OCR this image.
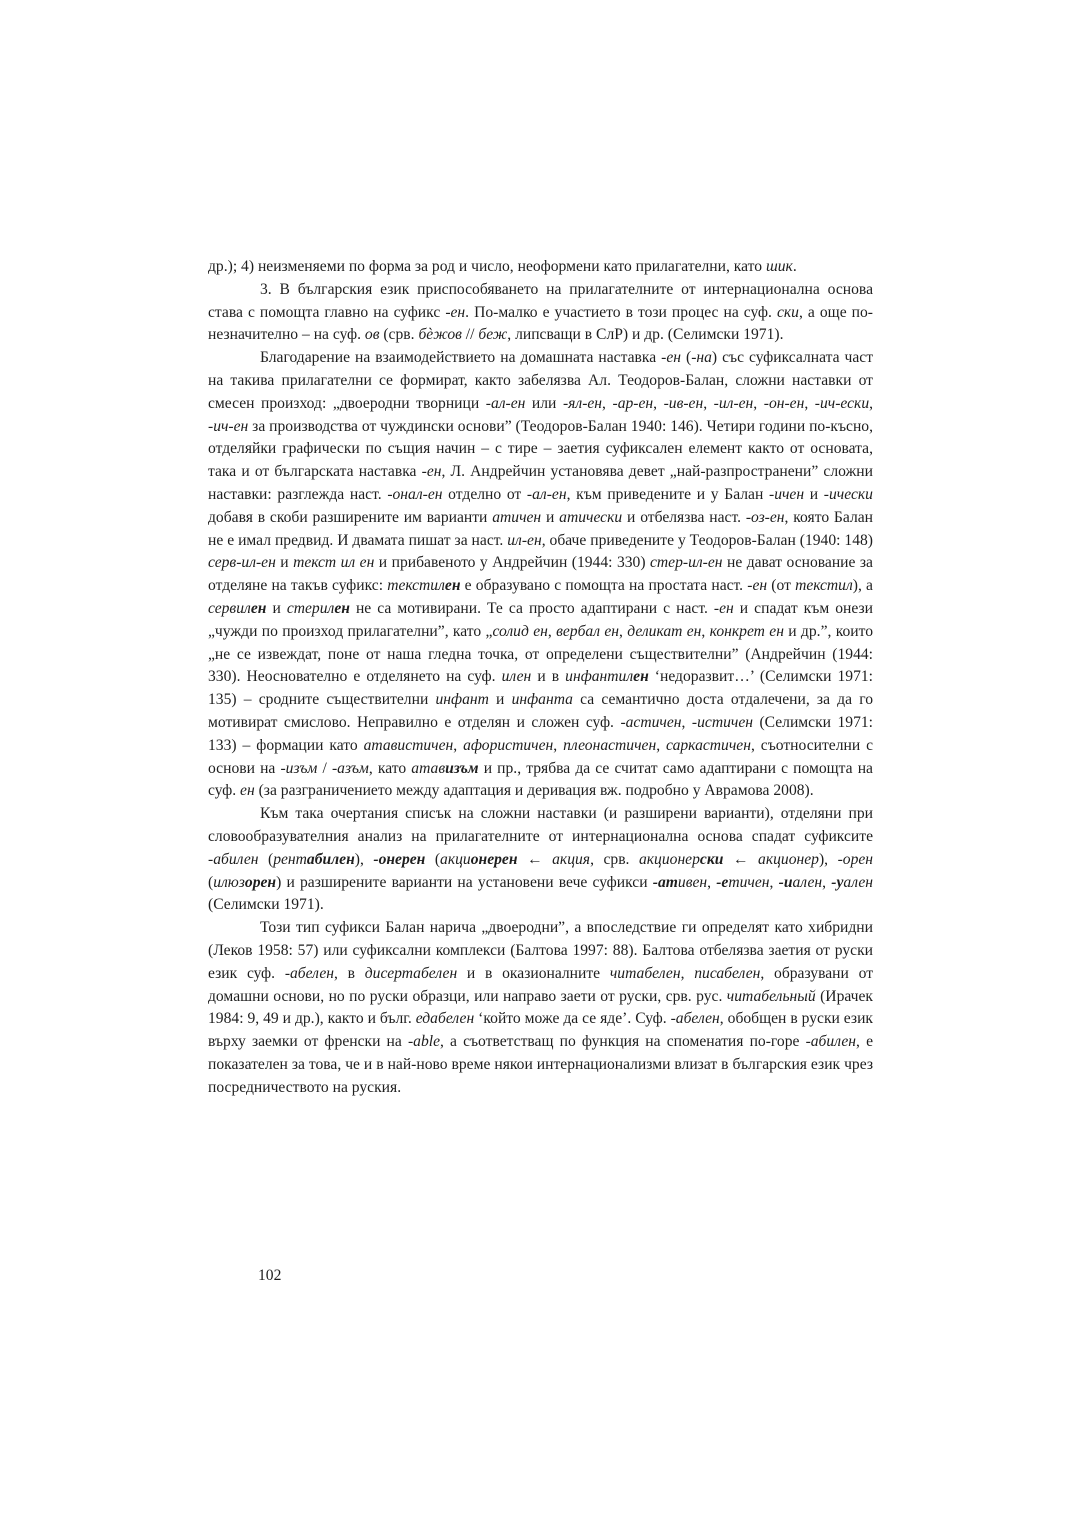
др.); 4) неизменяеми по форма за род и число, неоформени като прилагателни, като шик.

3. В българския език приспособяването на прилагателните от интернационална основа става с помощта главно на суфикс -ен. По-малко е участието в този процес на суф. ски, а още по-незначително – на суф. ов (срв. бѐжов // беж, липсващи в СлР) и др. (Селимски 1971).

Благодарение на взаимодействието на домашната наставка -ен (-на) със суфиксалната част на такива прилагателни се формират, както забелязва Ал. Теодоров-Балан, сложни наставки от смесен произход: „двоеродни творници -ал-ен или -ял-ен, -ар-ен, -ив-ен, -ил-ен, -он-ен, -ич-ески, -ич-ен за производства от чуждински основи” (Теодоров-Балан 1940: 146). Четири години по-късно, отделяйки графически по същия начин – с тире – заетия суфиксален елемент както от основата, така и от българската наставка -ен, Л. Андрейчин установява девет „най-разпространени” сложни наставки: разглежда наст. -онал-ен отделно от -ал-ен, към приведените и у Балан -ичен и -ически добавя в скоби разширените им варианти атичен и атически и отбелязва наст. -оз-ен, която Балан не е имал предвид. И двамата пишат за наст. ил-ен, обаче приведените у Теодоров-Балан (1940: 148) серв-ил-ен и текст ил ен и прибавеното у Андрейчин (1944: 330) стер-ил-ен не дават основание за отделяне на такъв суфикс: текстилен е образувано с помощта на простата наст. -ен (от текстил), а сервилен и стерилен не са мотивирани. Те са просто адаптирани с наст. -ен и спадат към онези „чужди по произход прилагателни”, като „солид ен, вербал ен, деликат ен, конкрет ен и др.”, които „не се извеждат, поне от наша гледна точка, от определени съществителни” (Андрейчин (1944: 330). Неоснователно е отделянето на суф. илен и в инфантилен ‘недоразвит…’ (Селимски 1971: 135) – сродните съществителни инфант и инфанта са семантично доста отдалечени, за да го мотивират смислово. Неправилно е отделян и сложен суф. -астичен, -истичен (Селимски 1971: 133) – формации като атавистичен, афористичен, плеонастичен, саркастичен, съотносителни с основи на -изъм / -азъм, като атавизъм и пр., трябва да се считат само адаптирани с помощта на суф. ен (за разграничението между адаптация и деривация вж. подробно у Аврамова 2008).

Към така очертания списък на сложни наставки (и разширени варианти), отделяни при словообразувателния анализ на прилагателните от интернационална основа спадат суфиксите -абилен (рентабилен), -онерен (акционерен ← акция, срв. акционерски ← акционер), -орен (илюзорен) и разширените варианти на установени вече суфикси -ативен, -етичен, -иален, -уален (Селимски 1971).

Този тип суфикси Балан нарича „двоеродни”, а впоследствие ги определят като хибридни (Леков 1958: 57) или суфиксални комплекси (Балтова 1997: 88). Балтова отбелязва заетия от руски език суф. -абелен, в дисертабелен и в оказионалните читабелен, писабелен, образувани от домашни основи, но по руски образци, или направо заети от руски, срв. рус. читабельный (Ирачек 1984: 9, 49 и др.), както и бълг. едабелен ‘който може да се яде’. Суф. -абелен, обобщен в руски език върху заемки от френски на -able, а съответстващ по функция на споменатия по-горе -абилен, е показателен за това, че и в най-ново време някои интернационализми влизат в българския език чрез посредничеството на руския.

102
